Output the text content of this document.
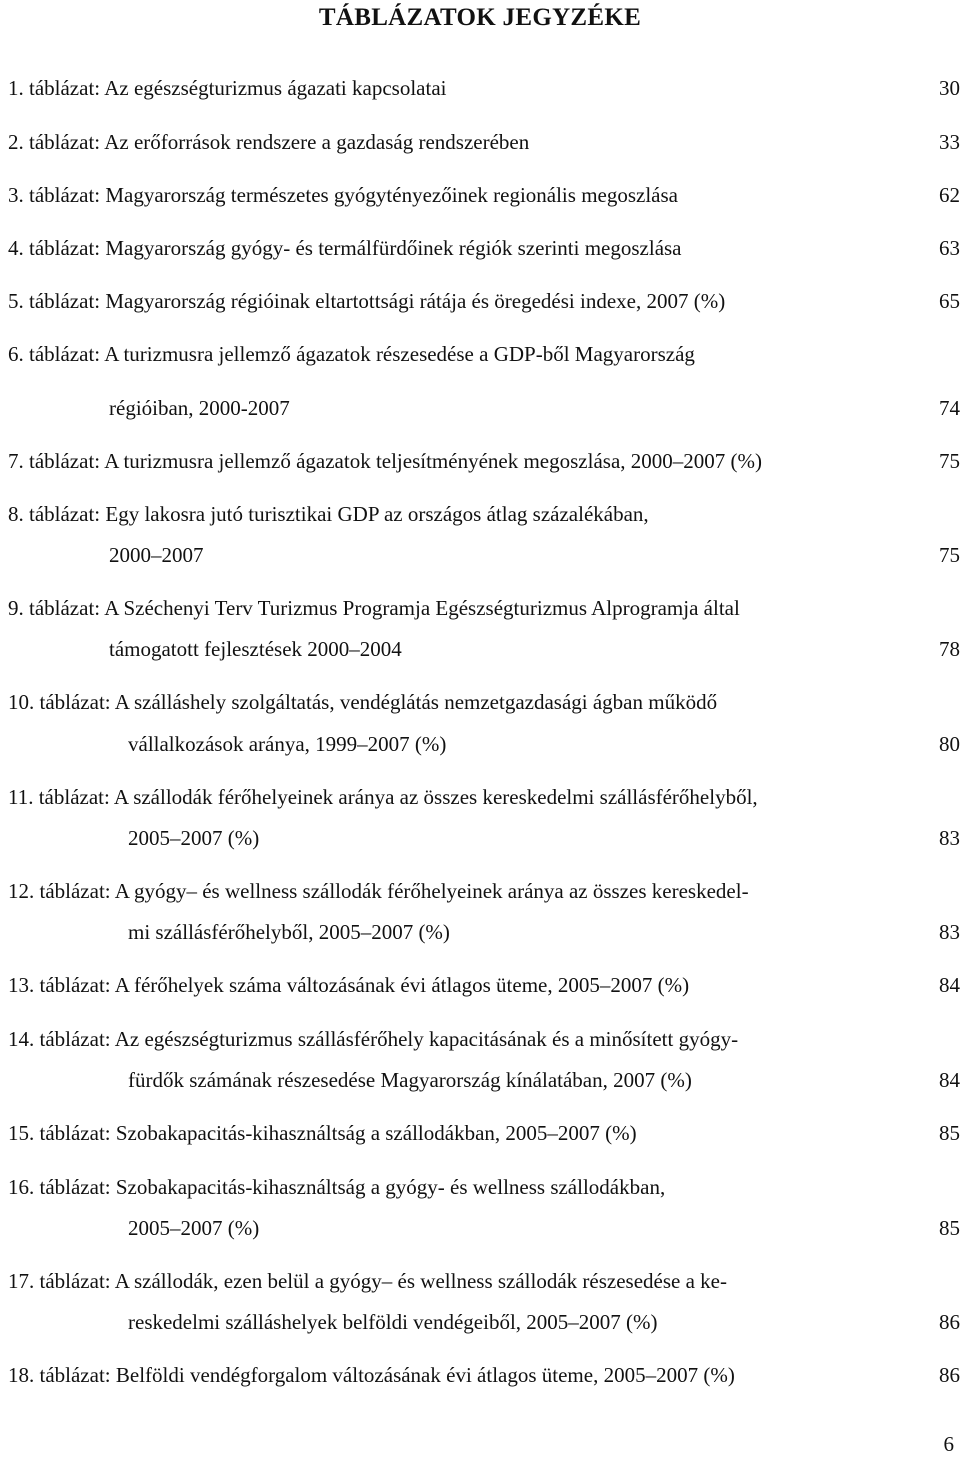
TÁBLÁZATOK JEGYZÉKE
1. táblázat: Az egészségturizmus ágazati kapcsolatai	30
2. táblázat: Az erőforrások rendszere a gazdaság rendszerében	33
3. táblázat: Magyarország természetes gyógytényezőinek regionális megoszlása	62
4. táblázat: Magyarország gyógy- és termálfürdőinek régiók szerinti megoszlása	63
5. táblázat: Magyarország régióinak eltartottsági rátája és öregedési indexe, 2007 (%)	65
6. táblázat: A turizmusra jellemző ágazatok részesedése a GDP-ből Magyarország
régióiban, 2000-2007	74
7. táblázat: A turizmusra jellemző ágazatok teljesítményének megoszlása, 2000–2007 (%)	75
8. táblázat: Egy lakosra jutó turisztikai GDP az országos átlag százalékában,
2000–2007	75
9. táblázat: A Széchenyi Terv Turizmus Programja Egészségturizmus Alprogramja által
támogatott fejlesztések 2000–2004	78
10. táblázat: A szálláshely szolgáltatás, vendéglátás nemzetgazdasági ágban működő
vállalkozások aránya, 1999–2007 (%)	80
11. táblázat: A szállodák férőhelyeinek aránya az összes kereskedelmi szállásférőhelyből,
2005–2007 (%)	83
12. táblázat: A gyógy– és wellness szállodák férőhelyeinek aránya az összes kereskedel-
mi szállásférőhelyből, 2005–2007 (%)	83
13. táblázat: A férőhelyek száma változásának évi átlagos üteme, 2005–2007 (%)	84
14. táblázat: Az egészségturizmus szállásférőhely kapacitásának és a minősített gyógy-
fürdők számának részesedése Magyarország kínálatában, 2007 (%)	84
15. táblázat: Szobakapacitás-kihasználtság a szállodákban, 2005–2007 (%)	85
16. táblázat: Szobakapacitás-kihasználtság a gyógy- és wellness szállodákban,
2005–2007 (%)	85
17. táblázat: A szállodák, ezen belül a gyógy– és wellness szállodák részesedése a ke-
reskedelmi szálláshelyek belföldi vendégeiből, 2005–2007 (%)	86
18. táblázat: Belföldi vendégforgalom változásának évi átlagos üteme, 2005–2007 (%)	86
6
